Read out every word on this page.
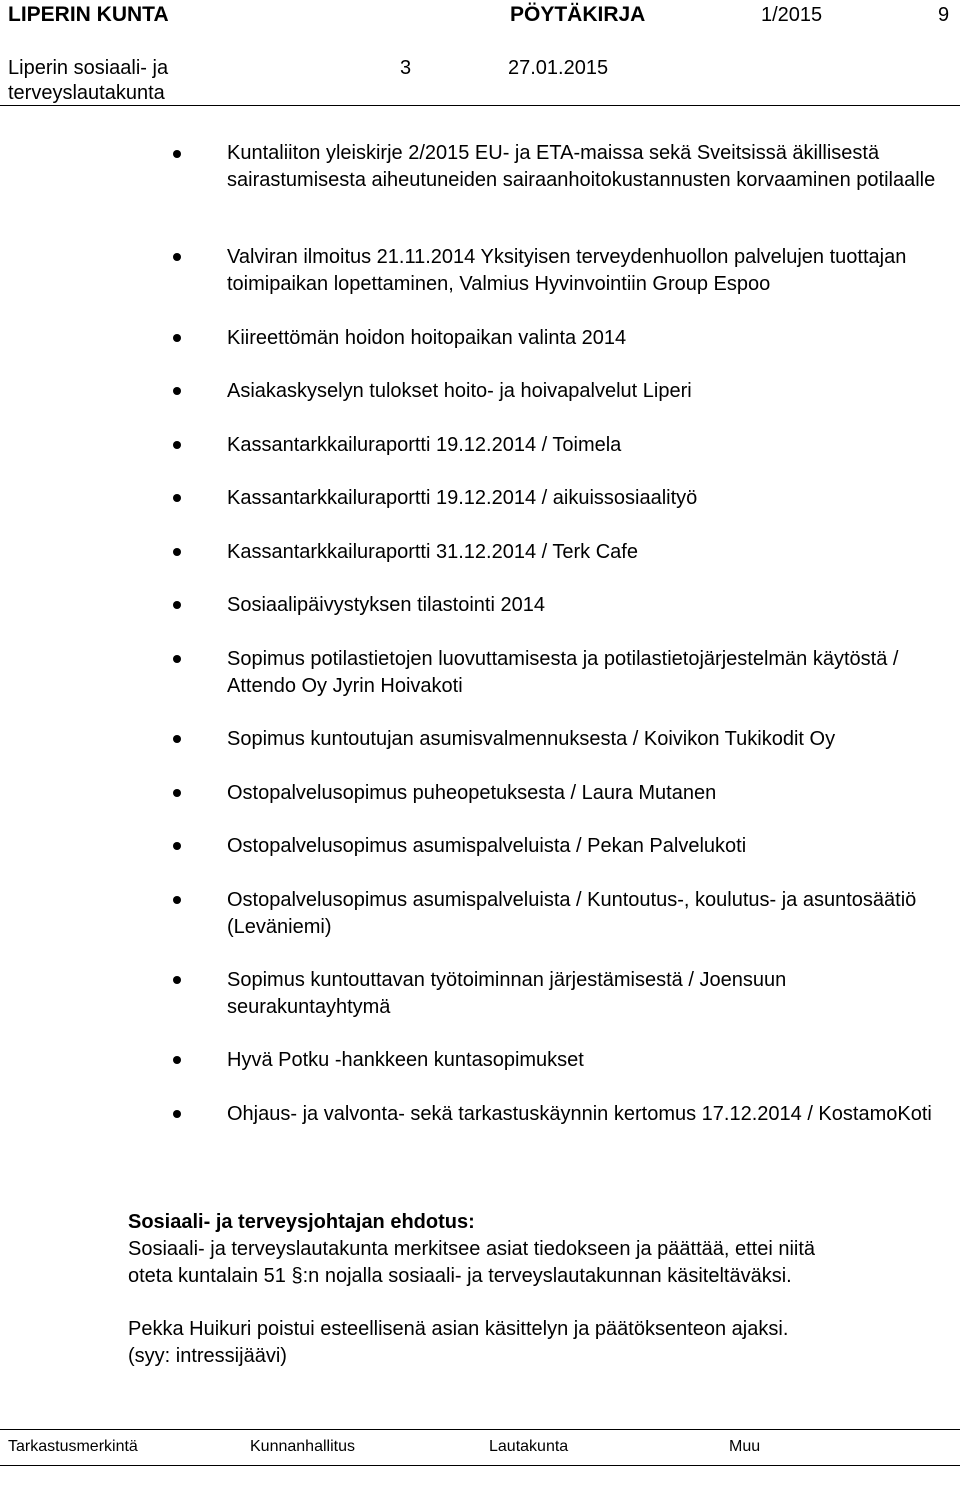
LIPERIN KUNTA	PÖYTÄKIRJA	1/2015	9
Liperin sosiaali- ja
terveyslautakunta
3	27.01.2015
Kuntaliiton yleiskirje 2/2015 EU- ja ETA-maissa sekä Sveitsissä äkillisestä sairastumisesta aiheutuneiden sairaanhoitokustannusten korvaaminen potilaalle
Valviran ilmoitus 21.11.2014 Yksityisen terveydenhuollon palvelujen tuottajan toimipaikan lopettaminen, Valmius Hyvinvointiin Group Espoo
Kiireettömän hoidon hoitopaikan valinta 2014
Asiakaskyselyn tulokset hoito- ja hoivapalvelut Liperi
Kassantarkkailuraportti 19.12.2014 / Toimela
Kassantarkkailuraportti 19.12.2014 / aikuissosiaalityö
Kassantarkkailuraportti 31.12.2014 / Terk Cafe
Sosiaalipäivystyksen tilastointi 2014
Sopimus potilastietojen luovuttamisesta ja potilastietojärjestelmän käytöstä / Attendo Oy Jyrin Hoivakoti
Sopimus kuntoutujan asumisvalmennuksesta / Koivikon Tukikodit Oy
Ostopalvelusopimus puheopetuksesta / Laura Mutanen
Ostopalvelusopimus asumispalveluista / Pekan Palvelukoti
Ostopalvelusopimus asumispalveluista / Kuntoutus-, koulutus- ja asuntosäätiö (Leväniemi)
Sopimus kuntouttavan työtoiminnan järjestämisestä / Joensuun seurakuntayhtymä
Hyvä Potku -hankkeen kuntasopimukset
Ohjaus- ja valvonta- sekä tarkastuskäynnin kertomus 17.12.2014 / KostamoKoti
Sosiaali- ja terveysjohtajan ehdotus:
Sosiaali- ja terveyslautakunta merkitsee asiat tiedokseen ja päättää, ettei niitä
oteta kuntalain 51 §:n nojalla sosiaali- ja terveyslautakunnan käsiteltäväksi.
Pekka Huikuri poistui esteellisenä asian käsittelyn ja päätöksenteon ajaksi.
(syy: intressijäävi)
Tarkastusmerkintä	Kunnanhallitus	Lautakunta	Muu
